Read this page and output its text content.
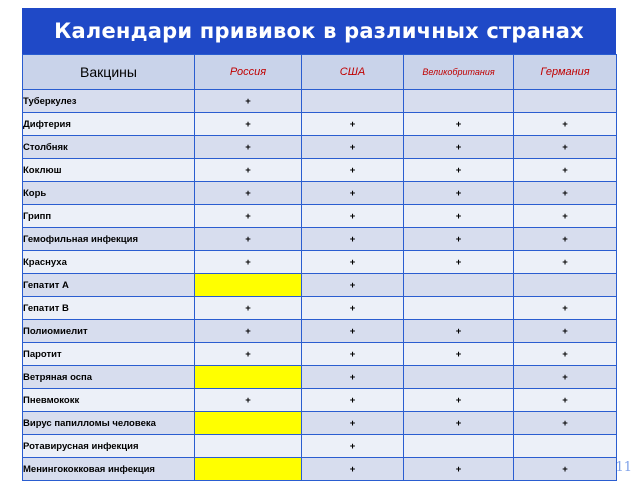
Календари прививок в различных странах
Вакцины	Россия	США	Великобритания	Германия
Туберкулез	+			
Дифтерия	+	+	+	+
Столбняк	+	+	+	+
Коклюш	+	+	+	+
Корь	+	+	+	+
Грипп	+	+	+	+
Гемофильная инфекция	+	+	+	+
Краснуха	+	+	+	+
Гепатит А		+		
Гепатит В	+	+		+
Полиомиелит	+	+	+	+
Паротит	+	+	+	+
Ветряная оспа		+		+
Пневмококк	+	+	+	+
Вирус папилломы человека		+	+	+
Ротавирусная инфекция		+		
Менингококковая инфекция		+	+	+	11
